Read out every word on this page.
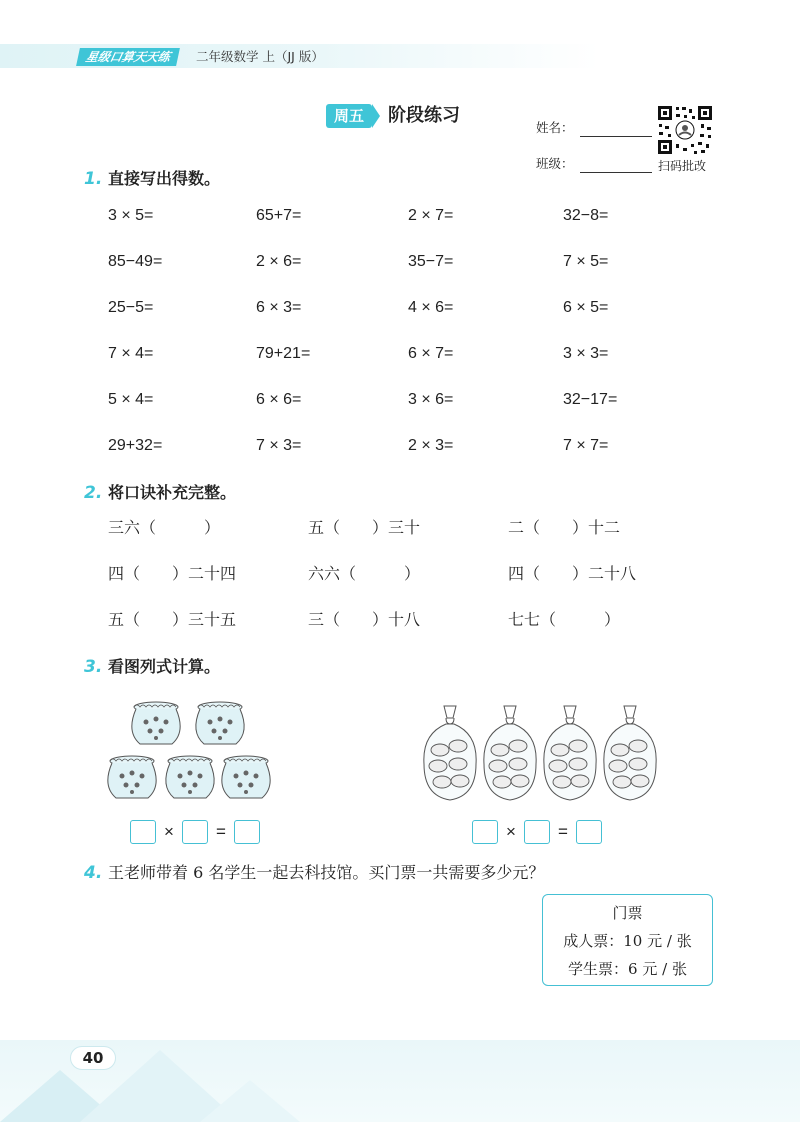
星级口算天天练	二年级数学 上（JJ 版）
周五	阶段练习
姓名：
班级：	扫码批改
1. 直接写出得数。
3 × 5=	65+7=	2 × 7=	32−8=
85−49=	2 × 6=	35−7=	7 × 5=
25−5=	6 × 3=	4 × 6=	6 × 5=
7 × 4=	79+21=	6 × 7=	3 × 3=
5 × 4=	6 × 6=	3 × 6=	32−17=
29+32=	7 × 3=	2 × 3=	7 × 7=
2. 将口诀补充完整。
三六（　　　）	五（　　）三十	二（　　）十二
四（　　）二十四	六六（　　　）	四（　　）二十八
五（　　）三十五	三（　　）十八	七七（　　　）
3. 看图列式计算。
× =	× =
4. 王老师带着 6 名学生一起去科技馆。买门票一共需要多少元？
门票
成人票：10 元 / 张
学生票：6 元 / 张
40
